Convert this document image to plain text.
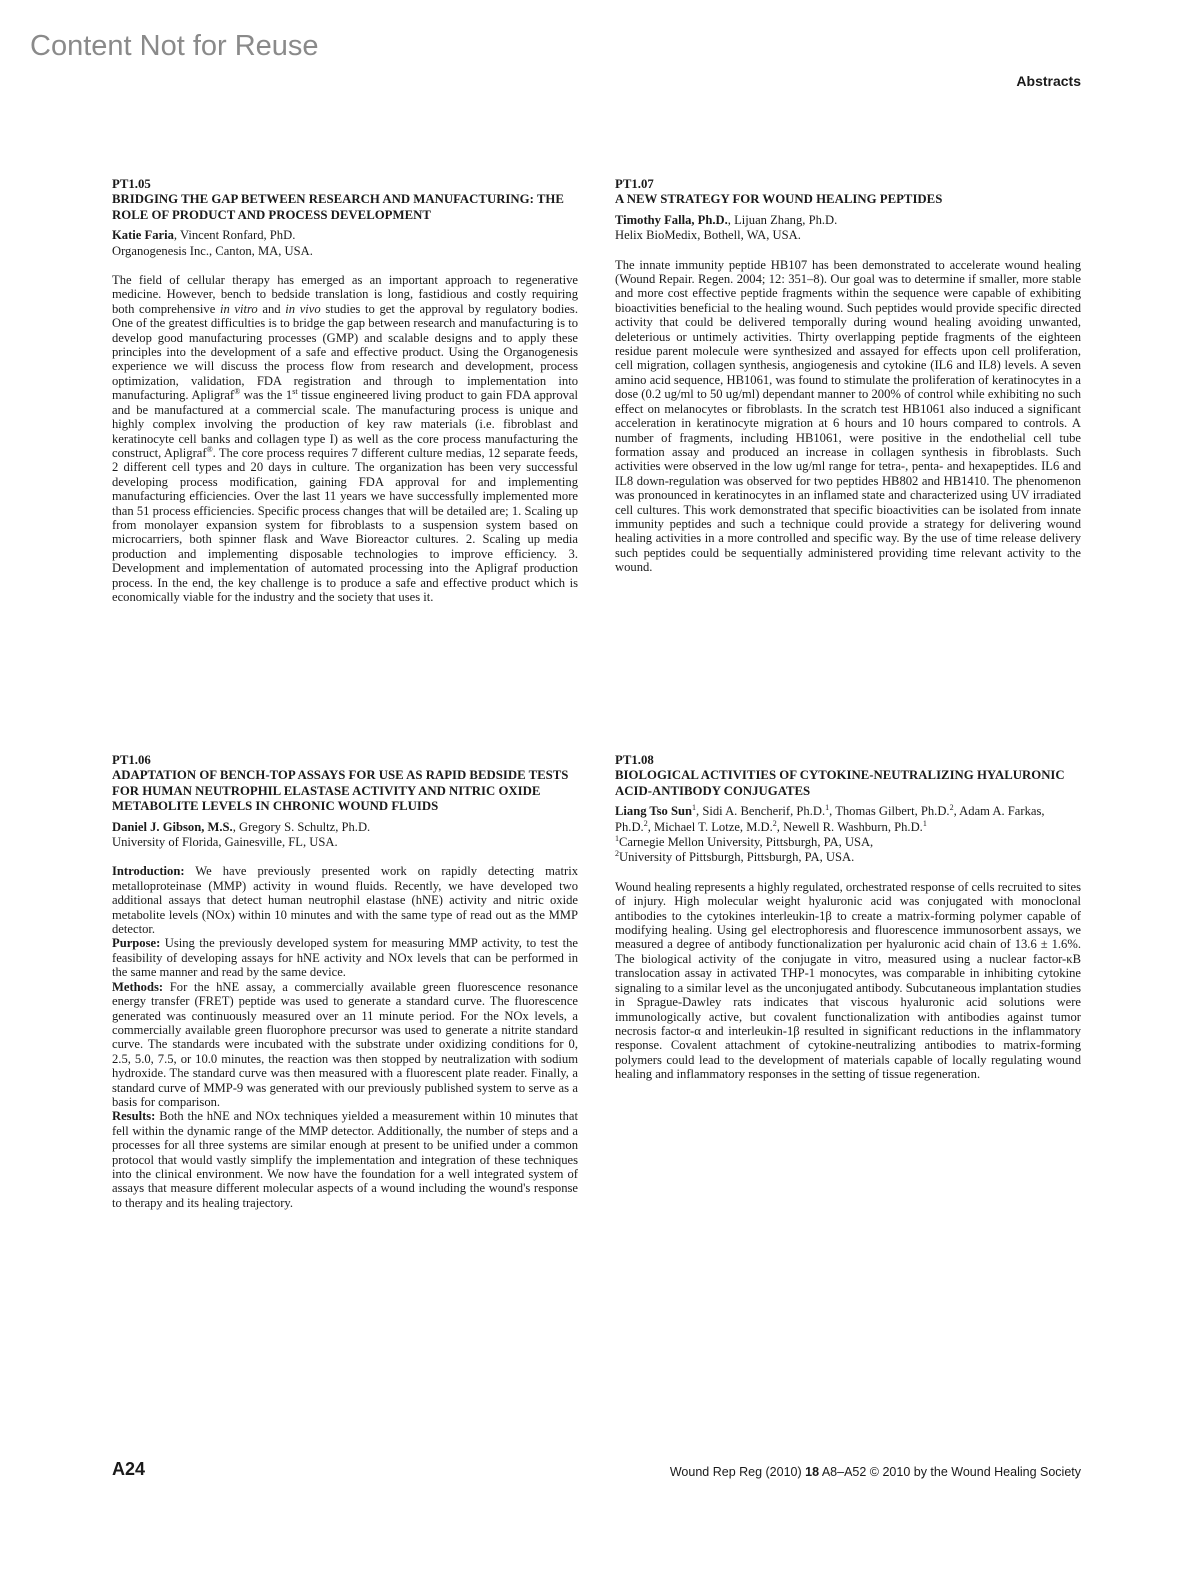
Content Not for Reuse
Abstracts

PT1.05

BRIDGING THE GAP BETWEEN RESEARCH AND MANUFACTURING: THE ROLE OF PRODUCT AND PROCESS DEVELOPMENT

Katie Faria, Vincent Ronfard, PhD.

Organogenesis Inc., Canton, MA, USA.

The field of cellular therapy has emerged as an important approach to regenerative medicine. However, bench to bedside translation is long, fastidious and costly requiring both comprehensive in vitro and in vivo studies to get the approval by regulatory bodies. One of the greatest difficulties is to bridge the gap between research and manufacturing is to develop good manufacturing processes (GMP) and scalable designs and to apply these principles into the development of a safe and effective product. Using the Organogenesis experience we will discuss the process flow from research and development, process optimization, validation, FDA registration and through to implementation into manufacturing. Apligraf® was the 1st tissue engineered living product to gain FDA approval and be manufactured at a commercial scale. The manufacturing process is unique and highly complex involving the production of key raw materials (i.e. fibroblast and keratinocyte cell banks and collagen type I) as well as the core process manufacturing the construct, Apligraf®. The core process requires 7 different culture medias, 12 separate feeds, 2 different cell types and 20 days in culture. The organization has been very successful developing process modification, gaining FDA approval for and implementing manufacturing efficiencies. Over the last 11 years we have successfully implemented more than 51 process efficiencies. Specific process changes that will be detailed are; 1. Scaling up from monolayer expansion system for fibroblasts to a suspension system based on microcarriers, both spinner flask and Wave Bioreactor cultures. 2. Scaling up media production and implementing disposable technologies to improve efficiency. 3. Development and implementation of automated processing into the Apligraf production process. In the end, the key challenge is to produce a safe and effective product which is economically viable for the industry and the society that uses it.

PT1.06

ADAPTATION OF BENCH-TOP ASSAYS FOR USE AS RAPID BEDSIDE TESTS FOR HUMAN NEUTROPHIL ELASTASE ACTIVITY AND NITRIC OXIDE METABOLITE LEVELS IN CHRONIC WOUND FLUIDS

Daniel J. Gibson, M.S., Gregory S. Schultz, Ph.D.

University of Florida, Gainesville, FL, USA.

Introduction: We have previously presented work on rapidly detecting matrix metalloproteinase (MMP) activity in wound fluids. Recently, we have developed two additional assays that detect human neutrophil elastase (hNE) activity and nitric oxide metabolite levels (NOx) within 10 minutes and with the same type of read out as the MMP detector.

Purpose: Using the previously developed system for measuring MMP activity, to test the feasibility of developing assays for hNE activity and NOx levels that can be performed in the same manner and read by the same device.

Methods: For the hNE assay, a commercially available green fluorescence resonance energy transfer (FRET) peptide was used to generate a standard curve. The fluorescence generated was continuously measured over an 11 minute period. For the NOx levels, a commercially available green fluorophore precursor was used to generate a nitrite standard curve. The standards were incubated with the substrate under oxidizing conditions for 0, 2.5, 5.0, 7.5, or 10.0 minutes, the reaction was then stopped by neutralization with sodium hydroxide. The standard curve was then measured with a fluorescent plate reader. Finally, a standard curve of MMP-9 was generated with our previously published system to serve as a basis for comparison.

Results: Both the hNE and NOx techniques yielded a measurement within 10 minutes that fell within the dynamic range of the MMP detector. Additionally, the number of steps and a processes for all three systems are similar enough at present to be unified under a common protocol that would vastly simplify the implementation and integration of these techniques into the clinical environment. We now have the foundation for a well integrated system of assays that measure different molecular aspects of a wound including the wound's response to therapy and its healing trajectory.

PT1.07

A NEW STRATEGY FOR WOUND HEALING PEPTIDES

Timothy Falla, Ph.D., Lijuan Zhang, Ph.D.

Helix BioMedix, Bothell, WA, USA.

The innate immunity peptide HB107 has been demonstrated to accelerate wound healing (Wound Repair. Regen. 2004; 12: 351–8). Our goal was to determine if smaller, more stable and more cost effective peptide fragments within the sequence were capable of exhibiting bioactivities beneficial to the healing wound. Such peptides would provide specific directed activity that could be delivered temporally during wound healing avoiding unwanted, deleterious or untimely activities. Thirty overlapping peptide fragments of the eighteen residue parent molecule were synthesized and assayed for effects upon cell proliferation, cell migration, collagen synthesis, angiogenesis and cytokine (IL6 and IL8) levels. A seven amino acid sequence, HB1061, was found to stimulate the proliferation of keratinocytes in a dose (0.2 ug/ml to 50 ug/ml) dependant manner to 200% of control while exhibiting no such effect on melanocytes or fibroblasts. In the scratch test HB1061 also induced a significant acceleration in keratinocyte migration at 6 hours and 10 hours compared to controls. A number of fragments, including HB1061, were positive in the endothelial cell tube formation assay and produced an increase in collagen synthesis in fibroblasts. Such activities were observed in the low ug/ml range for tetra-, penta- and hexapeptides. IL6 and IL8 down-regulation was observed for two peptides HB802 and HB1410. The phenomenon was pronounced in keratinocytes in an inflamed state and characterized using UV irradiated cell cultures. This work demonstrated that specific bioactivities can be isolated from innate immunity peptides and such a technique could provide a strategy for delivering wound healing activities in a more controlled and specific way. By the use of time release delivery such peptides could be sequentially administered providing time relevant activity to the wound.

PT1.08

BIOLOGICAL ACTIVITIES OF CYTOKINE-NEUTRALIZING HYALURONIC ACID-ANTIBODY CONJUGATES

Liang Tso Sun$^1$, Sidi A. Bencherif, Ph.D.$^1$, Thomas Gilbert, Ph.D.$^2$, Adam A. Farkas, Ph.D.$^2$, Michael T. Lotze, M.D.$^2$, Newell R. Washburn, Ph.D.$^1$

$^1$Carnegie Mellon University, Pittsburgh, PA, USA,

$^2$University of Pittsburgh, Pittsburgh, PA, USA.

Wound healing represents a highly regulated, orchestrated response of cells recruited to sites of injury. High molecular weight hyaluronic acid was conjugated with monoclonal antibodies to the cytokines interleukin-1β to create a matrix-forming polymer capable of modifying healing. Using gel electrophoresis and fluorescence immunosorbent assays, we measured a degree of antibody functionalization per hyaluronic acid chain of 13.6 ± 1.6%. The biological activity of the conjugate in vitro, measured using a nuclear factor-κB translocation assay in activated THP-1 monocytes, was comparable in inhibiting cytokine signaling to a similar level as the unconjugated antibody. Subcutaneous implantation studies in Sprague-Dawley rats indicates that viscous hyaluronic acid solutions were immunologically active, but covalent functionalization with antibodies against tumor necrosis factor-α and interleukin-1β resulted in significant reductions in the inflammatory response. Covalent attachment of cytokine-neutralizing antibodies to matrix-forming polymers could lead to the development of materials capable of locally regulating wound healing and inflammatory responses in the setting of tissue regeneration.

A24	Wound Rep Reg (2010) 18 A8–A52 © 2010 by the Wound Healing Society
